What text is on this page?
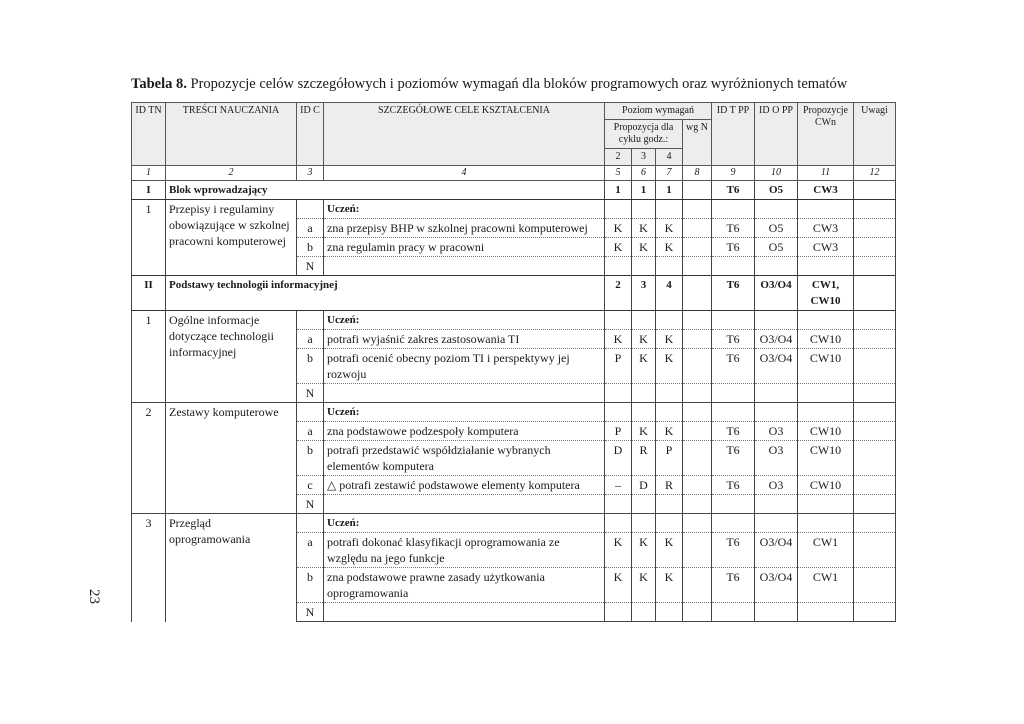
Tabela 8. Propozycje celów szczegółowych i poziomów wymagań dla bloków programowych oraz wyróżnionych tematów
23
ID TN	TREŚCI NAUCZANIA	ID C	SZCZEGÓŁOWE CELE KSZTAŁCENIA	Poziom wymagań				ID T PP	ID O PP	Propozycje CWn	Uwagi
				Propozycja dla cyklu godz.:			wg N				
				2	3	4					
1	2	3	4	5	6	7	8	9	10	11	12
I	Blok wprowadzający			1	1	1		T6	O5	CW3	
1	Przepisy i regulaminy obowiązujące w szkolnej pracowni komputerowej		Uczeń:								
		a	zna przepisy BHP w szkolnej pracowni komputerowej	K	K	K		T6	O5	CW3	
		b	zna regulamin pracy w pracowni	K	K	K		T6	O5	CW3	
		N									
II	Podstawy technologii informacyjnej			2	3	4		T6	O3/O4	CW1, CW10	
1	Ogólne informacje dotyczące technologii informacyjnej		Uczeń:								
		a	potrafi wyjaśnić zakres zastosowania TI	K	K	K		T6	O3/O4	CW10	
		b	potrafi ocenić obecny poziom TI i perspektywy jej rozwoju	P	K	K		T6	O3/O4	CW10	
		N									
2	Zestawy komputerowe		Uczeń:								
		a	zna podstawowe podzespoły komputera	P	K	K		T6	O3	CW10	
		b	potrafi przedstawić współdziałanie wybranych elementów komputera	D	R	P		T6	O3	CW10	
		c	△ potrafi zestawić podstawowe elementy komputera	–	D	R		T6	O3	CW10	
		N									
3	Przegląd oprogramowania		Uczeń:								
		a	potrafi dokonać klasyfikacji oprogramowania ze względu na jego funkcje	K	K	K		T6	O3/O4	CW1	
		b	zna podstawowe prawne zasady użytkowania oprogramowania	K	K	K		T6	O3/O4	CW1	
		N									
